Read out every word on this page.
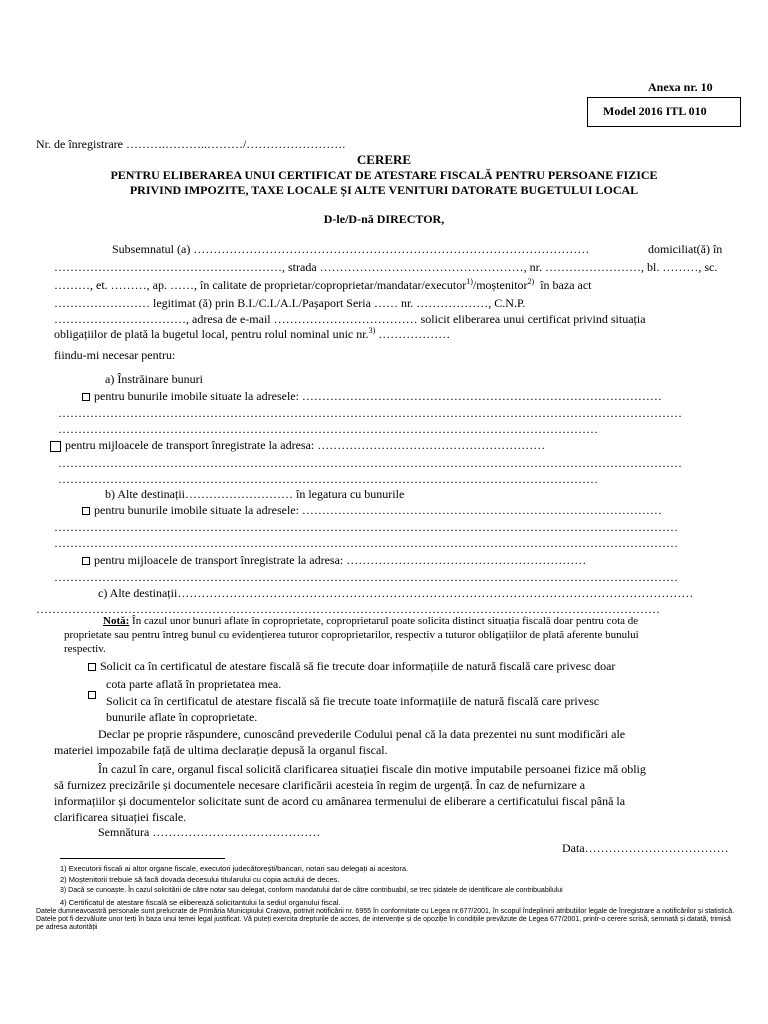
Anexa nr. 10
Model 2016 ITL 010
Nr. de înregistrare ……….………..………/…………………….
CERERE
PENTRU ELIBERAREA UNUI CERTIFICAT DE ATESTARE FISCALĂ PENTRU PERSOANE FIZICE
PRIVIND IMPOZITE, TAXE LOCALE ȘI ALTE VENITURI DATORATE BUGETULUI LOCAL
D-le/D-nă DIRECTOR,
Subsemnatul (a) ………………………………………………………………………………………	domiciliat(ă) în
…………………………………………………, strada ……………………………………………, nr. ……………………, bl. ………, sc.
………, et. ………, ap. ……, în calitate de proprietar/coproprietar/mandatar/executor$^{1)}$/moștenitor$^{2)}$ în baza act
…………………… legitimat (ă) prin B.I./C.I./A.I./Pașaport Seria …… nr. ………………, C.N.P.
……………………………, adresa de e-mail ……………………………… solicit eliberarea unui certificat privind situația
obligațiilor de plată la bugetul local, pentru rolul nominal unic nr.$^{3)}$ ………………
fiindu-mi necesar pentru:
a) Înstrăinare bunuri
pentru bunurile imobile situate la adresele: ………………………………………………………………………………
…………………………………………………………………………………………………………………………………………
………………………………………………………………………………………………………………………
pentru mijloacele de transport înregistrate la adresa: …………………………………………………
…………………………………………………………………………………………………………………………………………
………………………………………………………………………………………………………………………
b) Alte destinații……………………… în legatura cu bunurile
pentru bunurile imobile situate la adresele: ………………………………………………………………………………
…………………………………………………………………………………………………………………………………………
…………………………………………………………………………………………………………………………………………
pentru mijloacele de transport înregistrate la adresa: ……………………………………………………
…………………………………………………………………………………………………………………………………………
c) Alte destinații…………………………………………………………………………………………………………………
…………………………………………………………………………………………………………………………………………
Notă: În cazul unor bunuri aflate în coproprietate, coproprietarul poate solicita distinct situația fiscală doar pentru cota de
proprietate sau pentru întreg bunul cu evidențierea tuturor coproprietarilor, respectiv a tuturor obligațiilor de plată aferente bunului
respectiv.
Solicit ca în certificatul de atestare fiscală să fie trecute doar informațiile de natură fiscală care privesc doar
cota parte aflată în proprietatea mea.
Solicit ca în certificatul de atestare fiscală să fie trecute toate informațiile de natură fiscală care privesc
bunurile aflate în coproprietate.
Declar pe proprie răspundere, cunoscând prevederile Codului penal că la data prezentei nu sunt modificări ale
materiei impozabile față de ultima declarație depusă la organul fiscal.
În cazul în care, organul fiscal solicită clarificarea situației fiscale din motive imputabile persoanei fizice mă oblig
să furnizez precizările și documentele necesare clarificării acesteia în regim de urgență. În caz de nefurnizare a
informațiilor și documentelor solicitate sunt de acord cu amânarea termenului de eliberare a certificatului fiscal până la
clarificarea situației fiscale.
Semnătura ……………………………………
Data………………………………
1) Executorii fiscali ai altor organe fiscale, executori judecătorești/bancari, notari sau delegați ai acestora.
2) Moștenitorii trebuie să facă dovada decesului titularului cu copia actului de deces.
3) Dacă se cunoaște. În cazul solicitării de către notar sau delegat, conform mandatului dat de către contribuabil, se trec șidatele de identificare ale contribuabilului
4) Certificatul de atestare fiscală se eliberează solicitantului la sediul organului fiscal.
Datele dumneavoastră personale sunt prelucrate de Primăria Municipiului Craiova, potrivit notificării nr. 6955 în conformitate cu Legea nr.677/2001, în scopul îndeplinirii atribuțiilor legale de înregistrare a notificărilor și statistică. Datele pot fi dezvăluite unor terți în baza unui temei legal justificat. Vă puteți exercita drepturile de acces, de intervenție și de opoziție în condițiile prevăzute de Legea 677/2001, printr-o cerere scrisă, semnată și datată, trimisă pe adresa autorității
